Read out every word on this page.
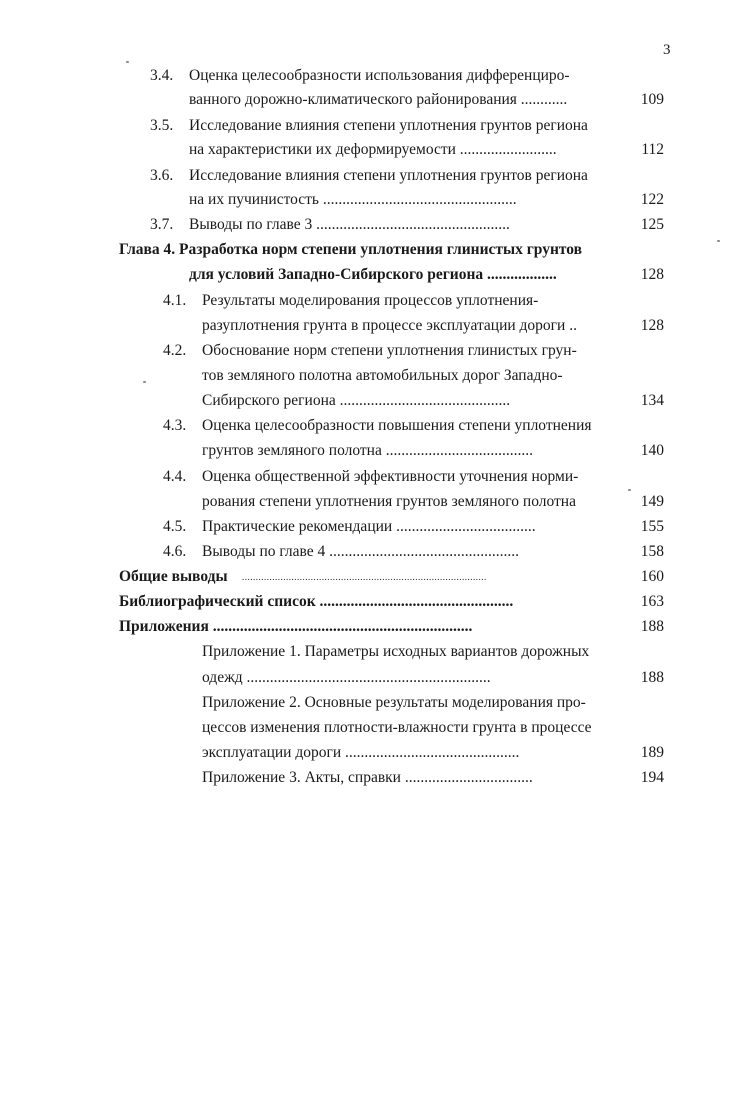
3
3.4. Оценка целесообразности использования дифференциро-
ванного дорожно-климатического районирования ............	109
3.5. Исследование влияния степени уплотнения грунтов региона
на характеристики их деформируемости .........................	112
3.6. Исследование влияния степени уплотнения грунтов региона
на их пучинистость ..................................................	122
3.7. Выводы по главе 3 ..................................................	125
Глава 4. Разработка норм степени уплотнения глинистых грунтов
для условий Западно-Сибирского региона ..................	128
4.1. Результаты моделирования процессов уплотнения-
разуплотнения грунта в процессе эксплуатации дороги ..	128
4.2. Обоснование норм степени уплотнения глинистых грун-
тов земляного полотна автомобильных дорог Западно-
Сибирского региона ............................................	134
4.3. Оценка целесообразности повышения степени уплотнения
грунтов земляного полотна ......................................	140
4.4. Оценка общественной эффективности уточнения норми-
рования степени уплотнения грунтов земляного полотна	149
4.5. Практические рекомендации ....................................	155
4.6. Выводы по главе 4 .................................................	158
Общие выводы .........................................................................................	160
Библиографический список ..................................................	163
Приложения ...................................................................	188
Приложение 1. Параметры исходных вариантов дорожных
одежд ...............................................................	188
Приложение 2. Основные результаты моделирования про-
цессов изменения плотности-влажности грунта в процессе
эксплуатации дороги .............................................	189
Приложение 3. Акты, справки .................................	194
